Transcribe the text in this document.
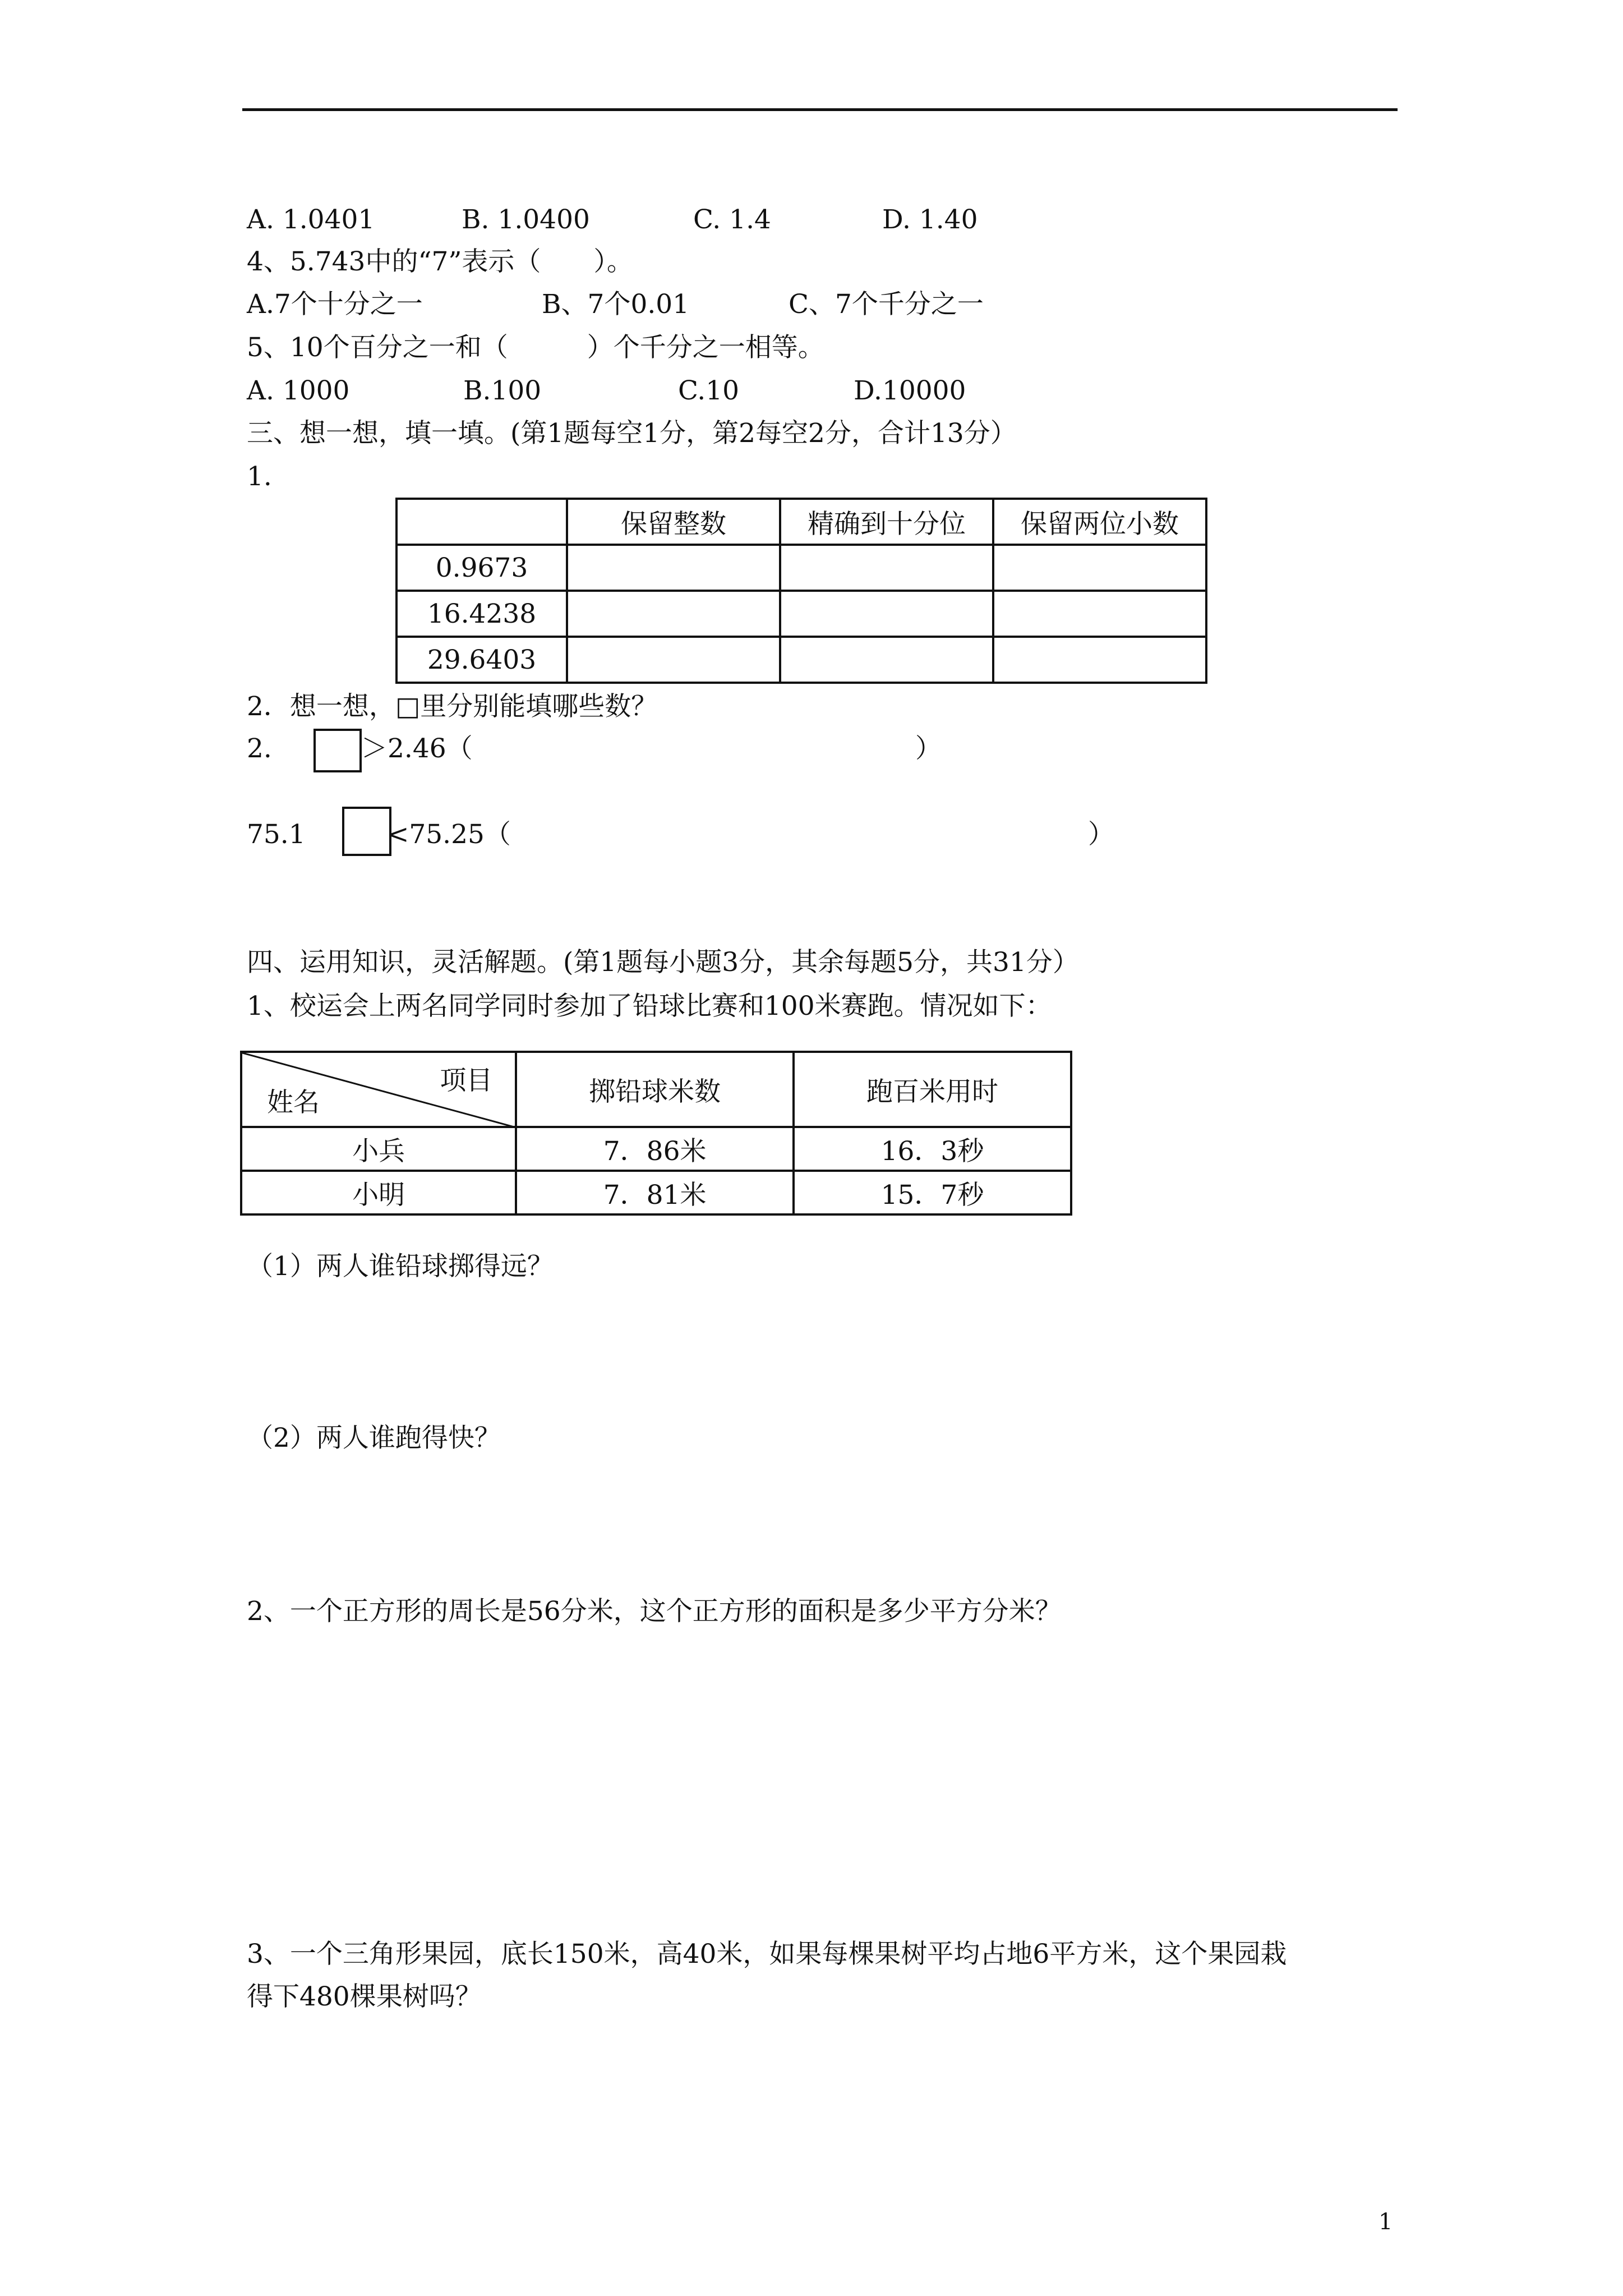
A. 1.0401	B. 1.0400	C. 1.4	D. 1.40
4、5.743中的“7”表示（　　）。
A.7个十分之一	B、7个0.01	C、7个千分之一
5、10个百分之一和（　　　）个千分之一相等。
A. 1000	B.100	C.10	D.10000
三、想一想，填一填。(第1题每空1分，第2每空2分，合计13分）
1.
	保留整数	精确到十分位	保留两位小数
0.9673			
16.4238			
29.6403			
2．想一想，□里分别能填哪些数？
2.	＞2.46（	）
75.1	<75.25（	）
四、运用知识，灵活解题。(第1题每小题3分，其余每题5分，共31分）
1、校运会上两名同学同时参加了铅球比赛和100米赛跑。情况如下：
项目
姓名	掷铅球米数	跑百米用时
小兵	7．86米	16．3秒
小明	7．81米	15．7秒
（1）两人谁铅球掷得远？
（2）两人谁跑得快？
2、一个正方形的周长是56分米，这个正方形的面积是多少平方分米？
3、一个三角形果园，底长150米，高40米，如果每棵果树平均占地6平方米，这个果园栽
得下480棵果树吗？
1
